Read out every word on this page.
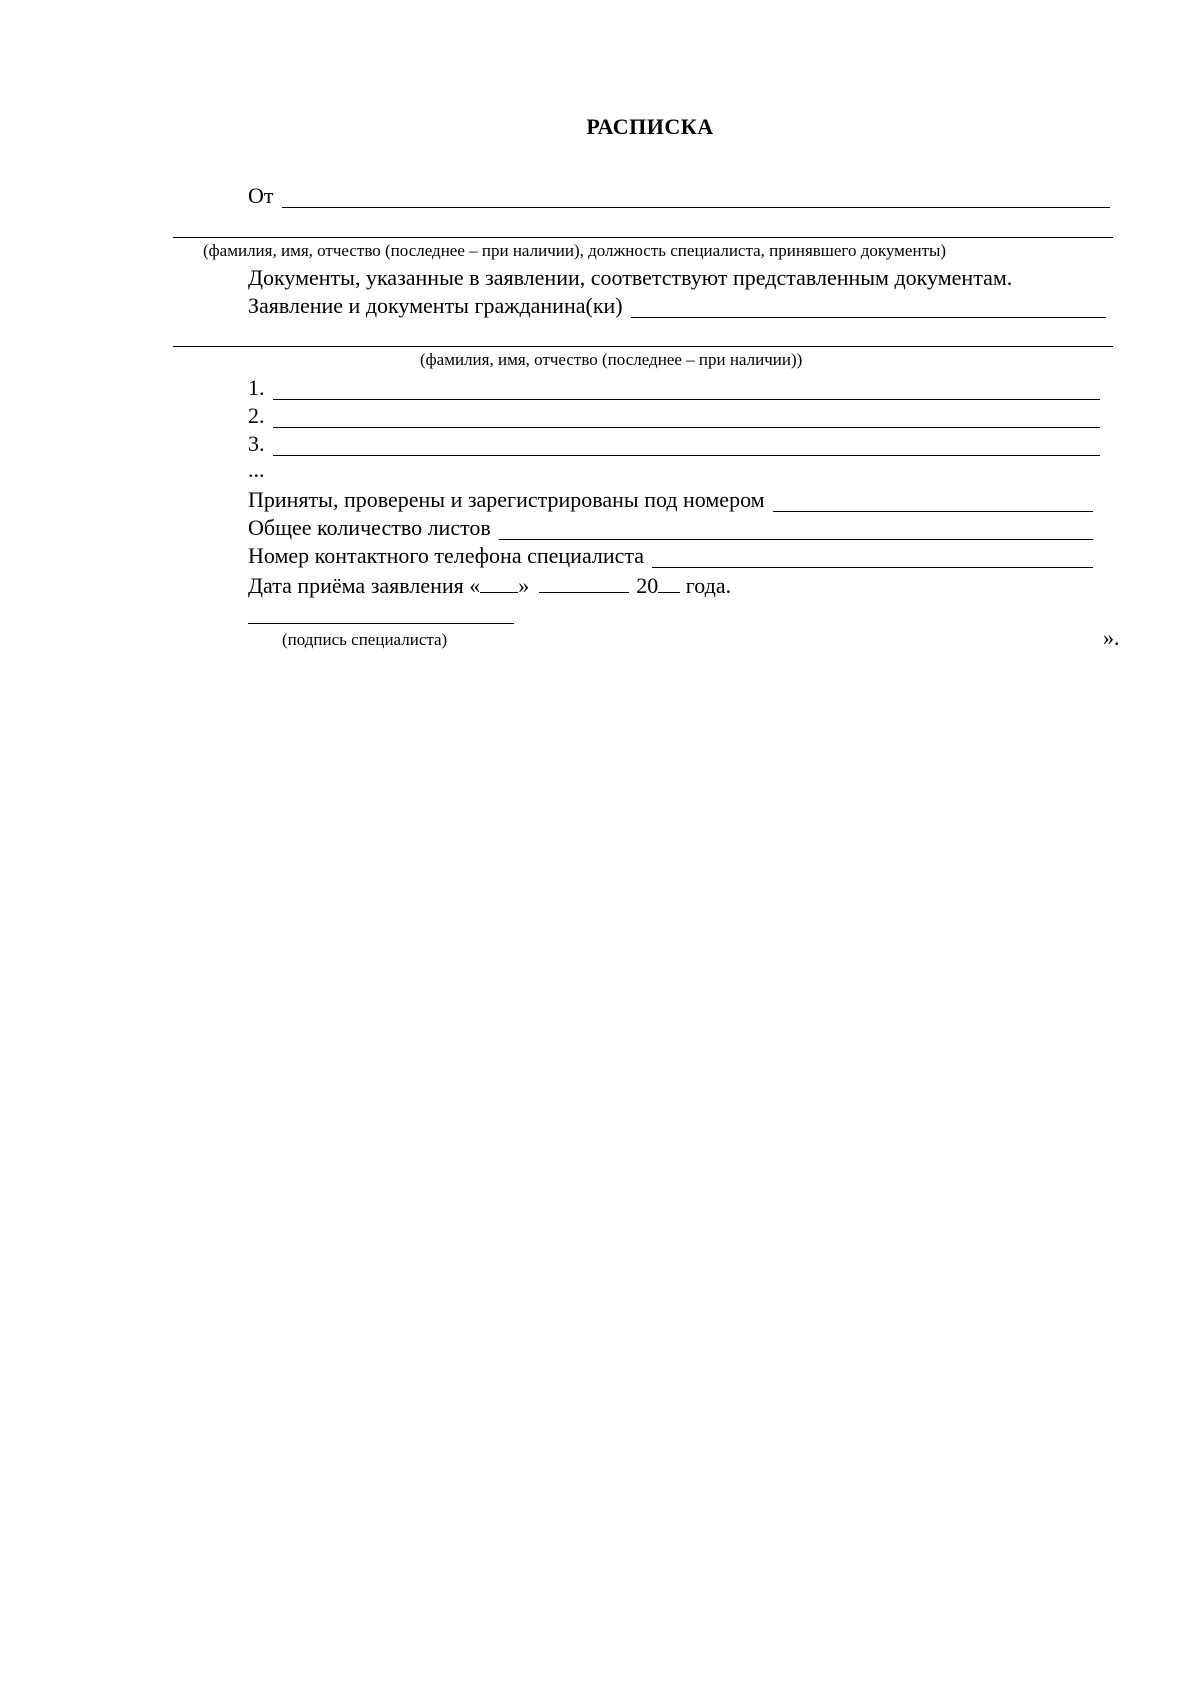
РАСПИСКА
От
(фамилия, имя, отчество (последнее – при наличии), должность специалиста, принявшего документы)
Документы, указанные в заявлении, соответствуют представленным документам.
Заявление и документы гражданина(ки)
(фамилия, имя, отчество (последнее – при наличии))
1.
2.
3.
...
Приняты, проверены и зарегистрированы под номером
Общее количество листов
Номер контактного телефона специалиста
Дата приёма заявления « »	20 года.
(подпись специалиста)	».
